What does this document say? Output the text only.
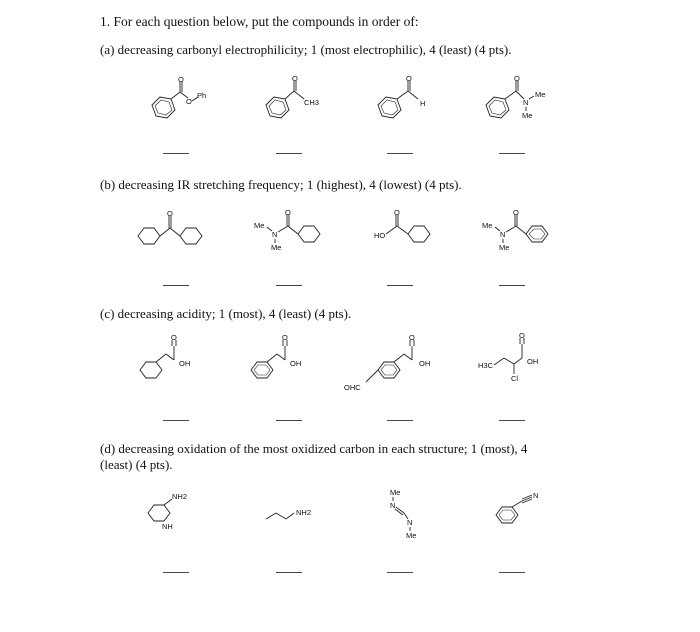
1. For each question below, put the compounds in order of:
(a) decreasing carbonyl electrophilicity; 1 (most electrophilic), 4 (least) (4 pts).
O
O
Ph
O
CH3
O
H
O
N
Me
Me
(b) decreasing IR stretching frequency; 1 (highest), 4 (lowest) (4 pts).
O
Me
N
Me
O
HO
O
Me
N
Me
O
(c) decreasing acidity; 1 (most), 4 (least) (4 pts).
O
OH
O
OH
O
OH
OHC
H3C
Cl
O
OH
(d) decreasing oxidation of the most oxidized carbon in each structure; 1 (most), 4
(least) (4 pts).
NH2
NH
NH2
Me
N
N
Me
N
